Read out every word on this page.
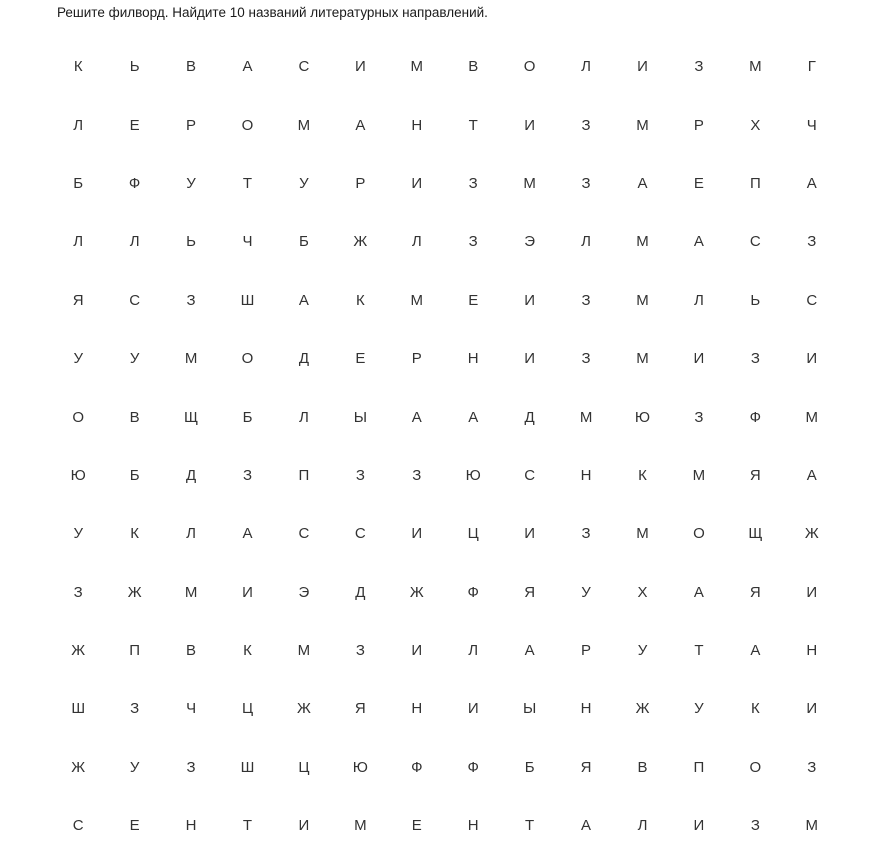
Решите филворд. Найдите 10 названий литературных направлений.
К	Ь	В	А	С	И	М	В	О	Л	И	З	М	Г
Л	Е	Р	О	М	А	Н	Т	И	З	М	Р	Х	Ч
Б	Ф	У	Т	У	Р	И	З	М	З	А	Е	П	А
Л	Л	Ь	Ч	Б	Ж	Л	З	Э	Л	М	А	С	З
Я	С	З	Ш	А	К	М	Е	И	З	М	Л	Ь	С
У	У	М	О	Д	Е	Р	Н	И	З	М	И	З	И
О	В	Щ	Б	Л	Ы	А	А	Д	М	Ю	З	Ф	М
Ю	Б	Д	З	П	З	З	Ю	С	Н	К	М	Я	А
У	К	Л	А	С	С	И	Ц	И	З	М	О	Щ	Ж
З	Ж	М	И	Э	Д	Ж	Ф	Я	У	Х	А	Я	И
Ж	П	В	К	М	З	И	Л	А	Р	У	Т	А	Н
Ш	З	Ч	Ц	Ж	Я	Н	И	Ы	Н	Ж	У	К	И
Ж	У	З	Ш	Ц	Ю	Ф	Ф	Б	Я	В	П	О	З
С	Е	Н	Т	И	М	Е	Н	Т	А	Л	И	З	М
